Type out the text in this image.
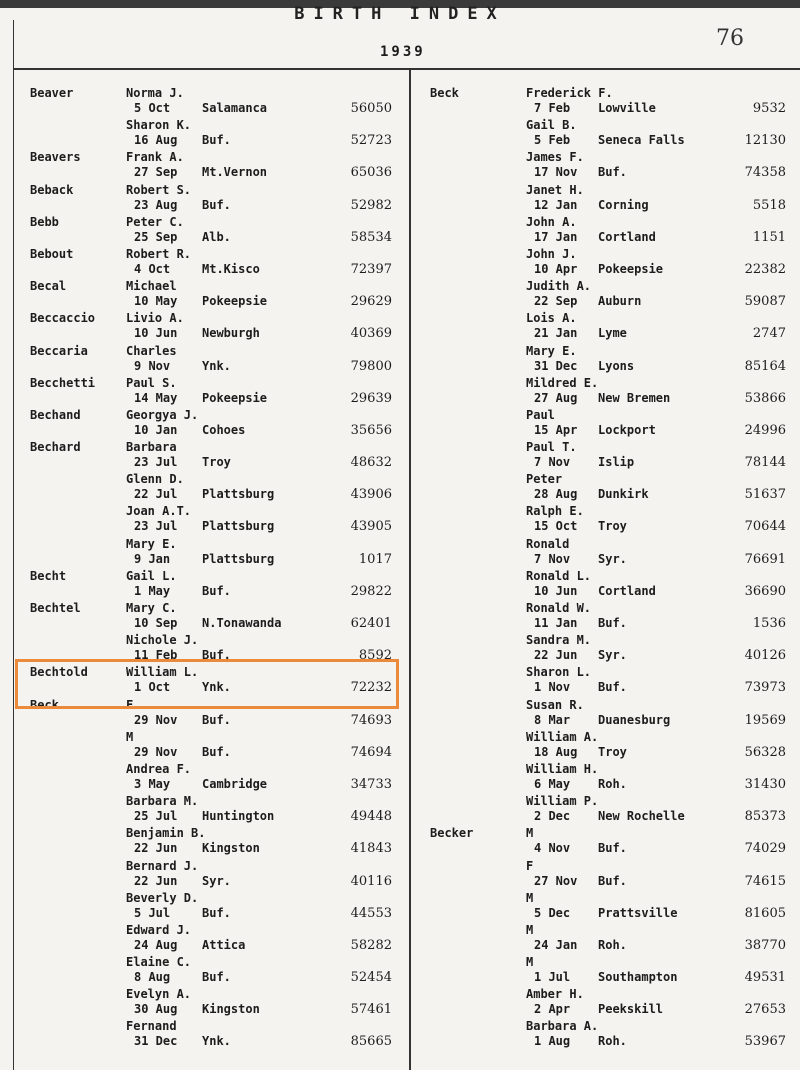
BIRTH INDEX
76
1939
Beaver	Norma J.
5 Oct	Salamanca	56050
Sharon K.
16 Aug Buf.	52723
Beavers	Frank A.
27 Sep Mt.Vernon	65036
Beback	Robert S.
23 Aug Buf.	52982
Bebb	Peter C.
25 Sep Alb.	58534
Bebout	Robert R.
4 Oct	Mt.Kisco	72397
Becal	Michael
10 May Pokeepsie	29629
Beccaccio	Livio A.
10 Jun Newburgh	40369
Beccaria	Charles
9 Nov	Ynk.	79800
Becchetti	Paul S.
14 May Pokeepsie	29639
Bechand	Georgya J.
10 Jan Cohoes	35656
Bechard	Barbara
23 Jul Troy	48632
Glenn D.
22 Jul Plattsburg	43906
Joan A.T.
23 Jul Plattsburg	43905
Mary E.
9 Jan	Plattsburg	1017
Becht	Gail L.
1 May	Buf.	29822
Bechtel	Mary C.
10 Sep N.Tonawanda	62401
Nichole J.
11 Feb Buf.	8592
Bechtold	William L.
1 Oct	Ynk.	72232
Beck	F
29 Nov Buf.	74693
M
29 Nov Buf.	74694
Andrea F.
3 May	Cambridge	34733
Barbara M.
25 Jul Huntington	49448
Benjamin B.
22 Jun Kingston	41843
Bernard J.
22 Jun Syr.	40116
Beverly D.
5 Jul	Buf.	44553
Edward J.
24 Aug Attica	58282
Elaine C.
8 Aug	Buf.	52454
Evelyn A.
30 Aug Kingston	57461
Fernand
31 Dec Ynk.	85665
Beck	Frederick F.
7 Feb Lowville	9532
Gail B.
5 Feb Seneca Falls	12130
James F.
17 Nov Buf.	74358
Janet H.
12 Jan Corning	5518
John A.
17 Jan Cortland	1151
John J.
10 Apr Pokeepsie	22382
Judith A.
22 Sep Auburn	59087
Lois A.
21 Jan Lyme	2747
Mary E.
31 Dec Lyons	85164
Mildred E.
27 Aug New Bremen	53866
Paul
15 Apr Lockport	24996
Paul T.
7 Nov Islip	78144
Peter
28 Aug Dunkirk	51637
Ralph E.
15 Oct Troy	70644
Ronald
7 Nov Syr.	76691
Ronald L.
10 Jun Cortland	36690
Ronald W.
11 Jan Buf.	1536
Sandra M.
22 Jun Syr.	40126
Sharon L.
1 Nov Buf.	73973
Susan R.
8 Mar Duanesburg	19569
William A.
18 Aug Troy	56328
William H.
6 May Roh.	31430
William P.
2 Dec New Rochelle	85373
Becker	M
4 Nov Buf.	74029
F
27 Nov Buf.	74615
M
5 Dec Prattsville	81605
M
24 Jan Roh.	38770
M
1 Jul Southampton	49531
Amber H.
2 Apr Peekskill	27653
Barbara A.
1 Aug Roh.	53967
